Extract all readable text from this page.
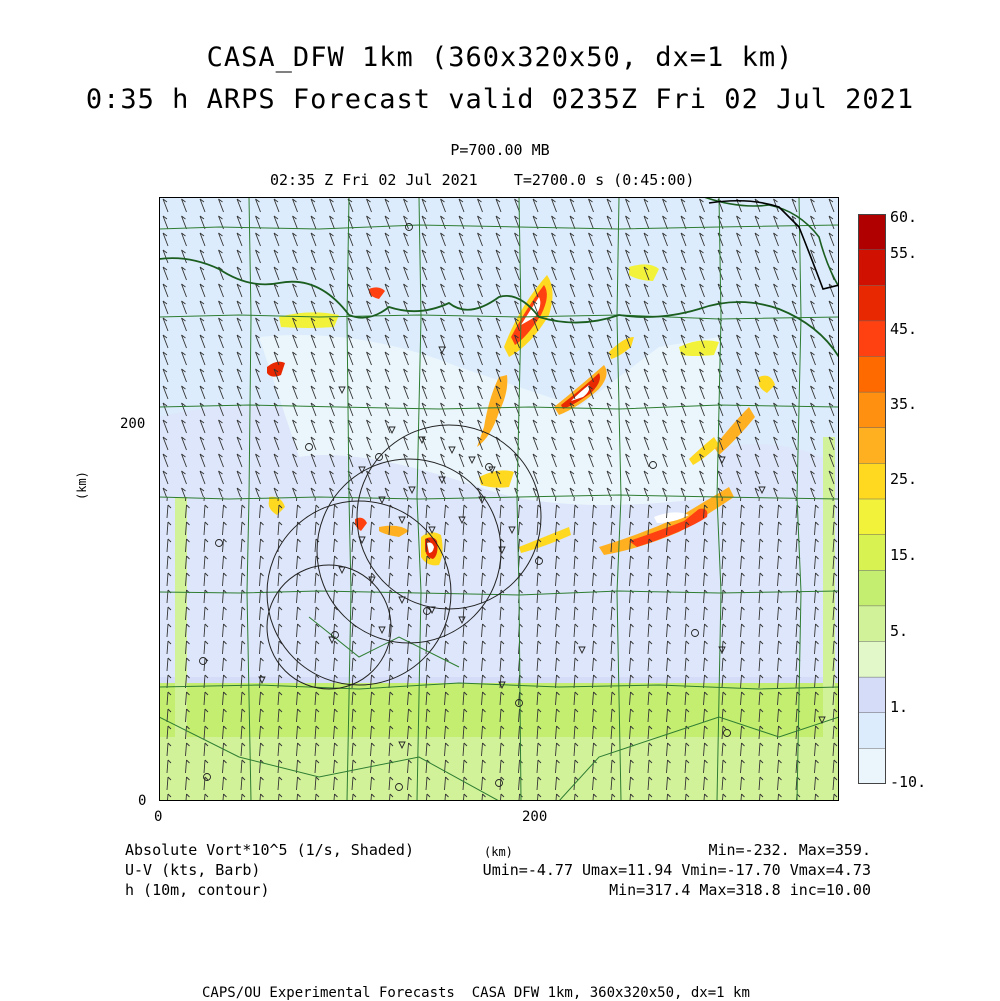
CASA_DFW 1km (360x320x50, dx=1 km)
0:35 h ARPS Forecast valid 0235Z Fri 02 Jul 2021
P=700.00 MB
02:35 Z Fri 02 Jul 2021    T=2700.0 s (0:45:00)
200
0
0	200
(km)
60.
55.
45.
35.
25.
15.
5.
1.
-10.
Absolute Vort*10^5 (1/s, Shaded)
U-V (kts, Barb)
h (10m, contour)
(km)	Min=-232. Max=359.
Umin=-4.77 Umax=11.94 Vmin=-17.70 Vmax=4.73
Min=317.4 Max=318.8 inc=10.00
CAPS/OU Experimental Forecasts  CASA DFW 1km, 360x320x50, dx=1 km
